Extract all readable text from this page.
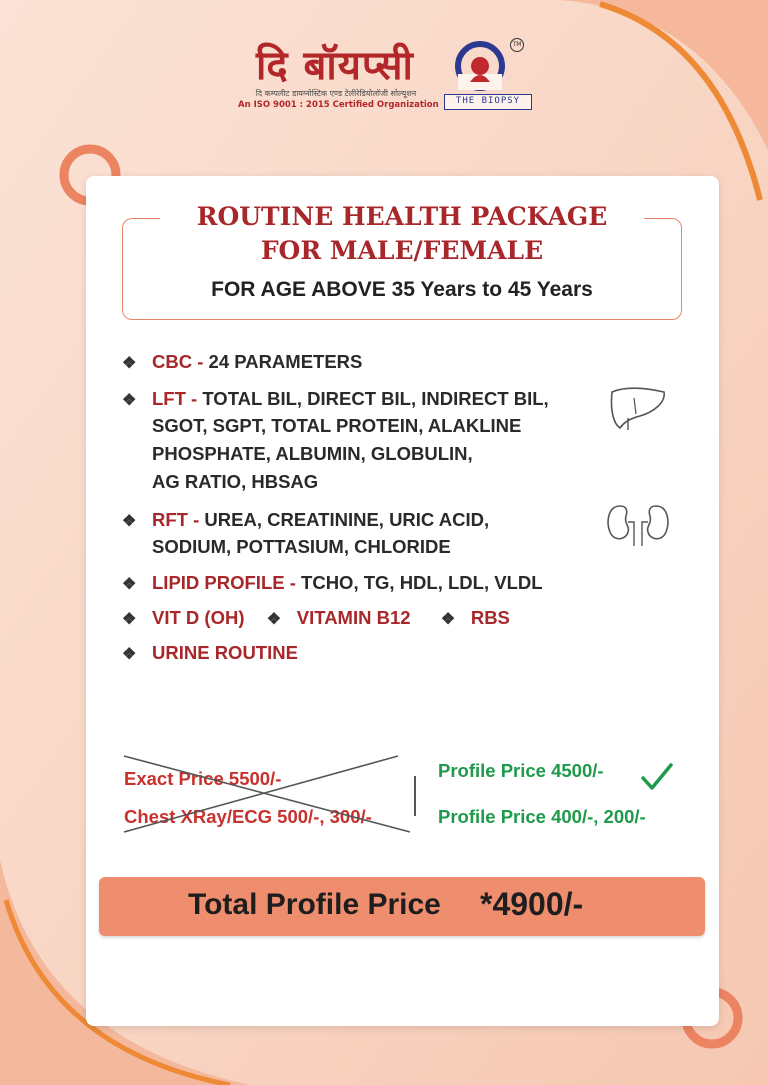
दि बॉयप्सी
दि कम्पलीट डायग्नोस्टिक एण्ड टेलीरेडियोलॉजी सोल्यूशन
An ISO 9001 : 2015 Certified Organization
TM
THE BIOPSY
ROUTINE HEALTH PACKAGE
FOR MALE/FEMALE
FOR AGE ABOVE 35 Years to 45 Years
❖ CBC - 24 PARAMETERS
❖ LFT - TOTAL BIL, DIRECT BIL, INDIRECT BIL,
SGOT, SGPT, TOTAL PROTEIN, ALAKLINE
PHOSPHATE, ALBUMIN, GLOBULIN,
AG RATIO, HBSAG
❖ RFT - UREA, CREATININE, URIC ACID,
SODIUM, POTTASIUM, CHLORIDE
❖ LIPID PROFILE - TCHO, TG, HDL, LDL, VLDL
❖ VIT D (OH) ❖ VITAMIN B12 ❖ RBS
❖ URINE ROUTINE
Exact Price 5500/-
Chest XRay/ECG 500/-, 300/-
Profile Price 4500/-
Profile Price 400/-, 200/-
Total Profile Price *4900/-
